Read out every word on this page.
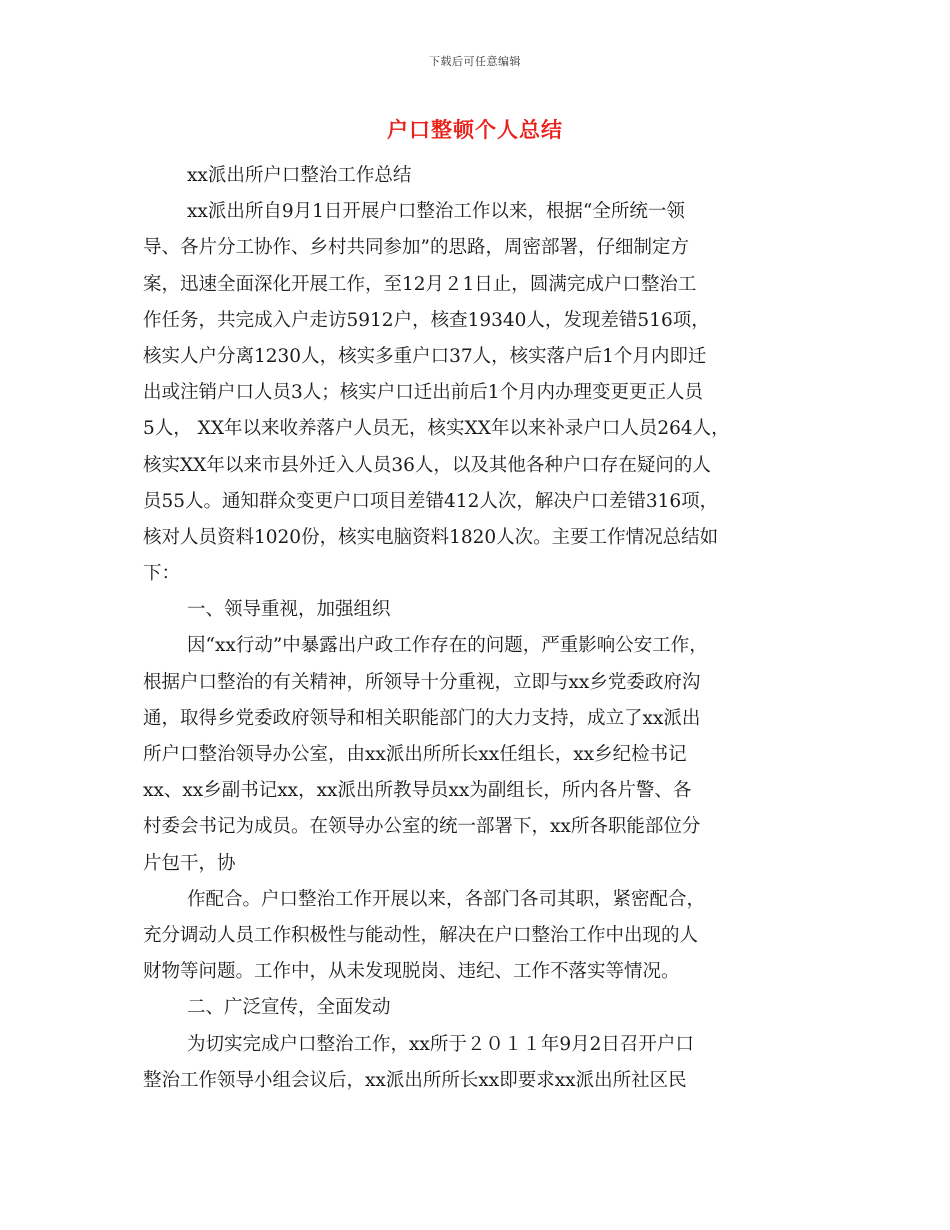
下载后可任意编辑
户口整顿个人总结
xx派出所户口整治工作总结
xx派出所自9月1日开展户口整治工作以来，根据“全所统一领
导、各片分工协作、乡村共同参加”的思路，周密部署，仔细制定方
案，迅速全面深化开展工作，至12月２1日止，圆满完成户口整治工
作任务，共完成入户走访5912户，核查19340人，发现差错516项，
核实人户分离1230人，核实多重户口37人，核实落户后1个月内即迁
出或注销户口人员3人；核实户口迁出前后1个月内办理变更更正人员
5人， XX年以来收养落户人员无，核实XX年以来补录户口人员264人，
核实XX年以来市县外迁入人员36人，以及其他各种户口存在疑问的人
员55人。通知群众变更户口项目差错412人次，解决户口差错316项，
核对人员资料1020份，核实电脑资料1820人次。主要工作情况总结如
下：
一、领导重视，加强组织
因“xx行动”中暴露出户政工作存在的问题，严重影响公安工作，
根据户口整治的有关精神，所领导十分重视，立即与xx乡党委政府沟
通，取得乡党委政府领导和相关职能部门的大力支持，成立了xx派出
所户口整治领导办公室，由xx派出所所长xx任组长，xx乡纪检书记
xx、xx乡副书记xx，xx派出所教导员xx为副组长，所内各片警、各
村委会书记为成员。在领导办公室的统一部署下，xx所各职能部位分
片包干，协
作配合。户口整治工作开展以来，各部门各司其职，紧密配合，
充分调动人员工作积极性与能动性，解决在户口整治工作中出现的人
财物等问题。工作中，从未发现脱岗、违纪、工作不落实等情况。
二、广泛宣传，全面发动
为切实完成户口整治工作，xx所于２０１１年9月2日召开户口
整治工作领导小组会议后，xx派出所所长xx即要求xx派出所社区民
